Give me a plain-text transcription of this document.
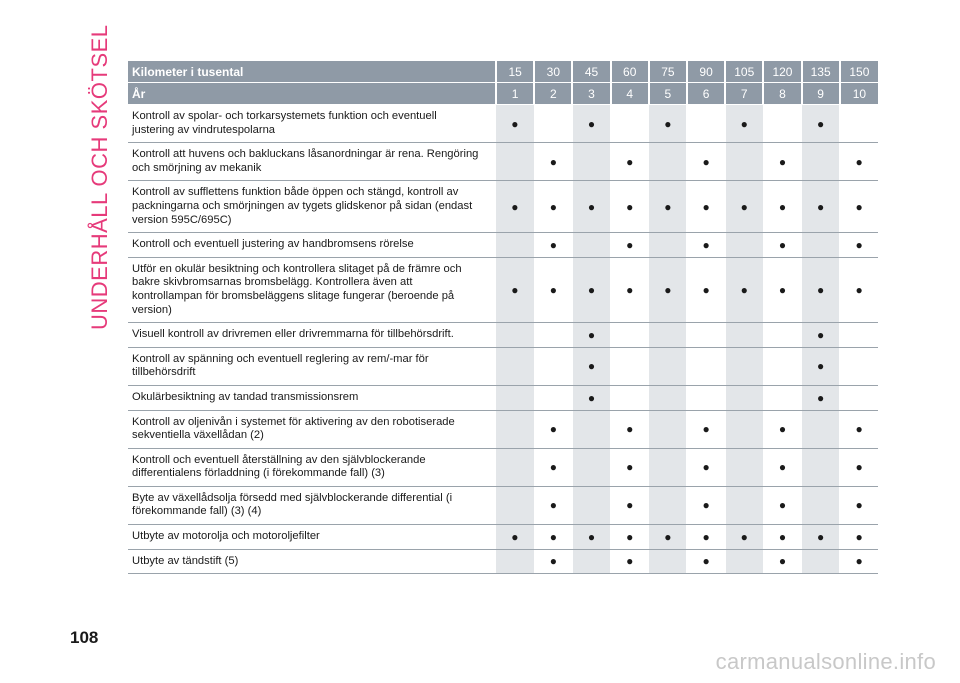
UNDERHÅLL OCH SKÖTSEL Kilometer i tusental	15	30	45	60	75	90	105	120	135	150
År	1	2	3	4	5	6	7	8	9	10
Kontroll av spolar- och torkarsystemets funktion och eventuell justering av vindrutespolarna	●		●		●		●		●	
Kontroll att huvens och bakluckans låsanordningar är rena. Rengöring och smörjning av mekanik		●		●		●		●		●
Kontroll av sufflettens funktion både öppen och stängd, kontroll av packningarna och smörjningen av tygets glidskenor på sidan (endast version 595C/695C)	●	●	●	●	●	●	●	●	●	●
Kontroll och eventuell justering av handbromsens rörelse		●		●		●		●		●
Utför en okulär besiktning och kontrollera slitaget på de främre och bakre skivbromsarnas bromsbelägg. Kontrollera även att kontrollampan för bromsbeläggens slitage fungerar (beroende på version)	●	●	●	●	●	●	●	●	●	●
Visuell kontroll av drivremen eller drivremmarna för tillbehörsdrift.			●						●	
Kontroll av spänning och eventuell reglering av rem/-mar för tillbehörsdrift			●						●	
Okulärbesiktning av tandad transmissionsrem			●						●	
Kontroll av oljenivån i systemet för aktivering av den robotiserade sekventiella växellådan (2)		●		●		●		●		●
Kontroll och eventuell återställning av den självblockerande differentialens förladdning (i förekommande fall) (3)		●		●		●		●		●
Byte av växellådsolja försedd med självblockerande differential (i förekommande fall) (3) (4)		●		●		●		●		●
Utbyte av motorolja och motoroljefilter	●	●	●	●	●	●	●	●	●	●
Utbyte av tändstift (5)		●		●		●		●		●
108
carmanualsonline.info
